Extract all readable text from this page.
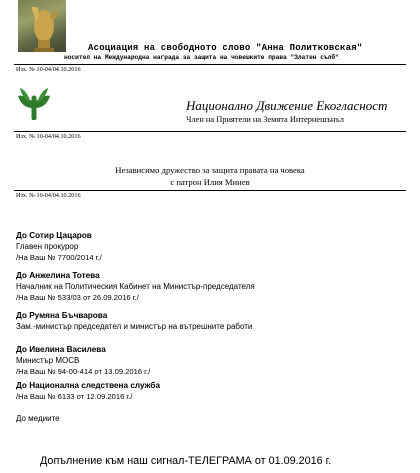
Асоциация на свободното слово "Анна Политковская"
носител на Международна награда за защита на човешките права "Златен сълб"
Изх. № 10-04/04.10.2016
Национално Движение Екогласност
Член на Приятели на Земята Интернешънъл
Изх. № 10-04/04.10.2016
Независимо дружество за защита правата на човека
с патрон Илия Минев
Изх. № 10-04/04.10.2016
До Сотир Цацаров
Главен прокурор
/На Ваш № 7700/2014 г./
До Анжелина Тотева
Началник на Политическия Кабинет на Министър-председателя
/На Ваш № 533/03 от 26.09.2016 г./
До Румяна Бъчварова
Зам.-министър председател и министър на вътрешните работи
До Ивелина Василева
Министър МОСВ
/На Ваш № 94-00-414 от 13.09.2016 г./
До Национална следствена служба
/На Ваш № 6133 от 12.09.2016 г./
До медиите
Допълнение към наш сигнал-ТЕЛЕГРАМА от 01.09.2016 г.
